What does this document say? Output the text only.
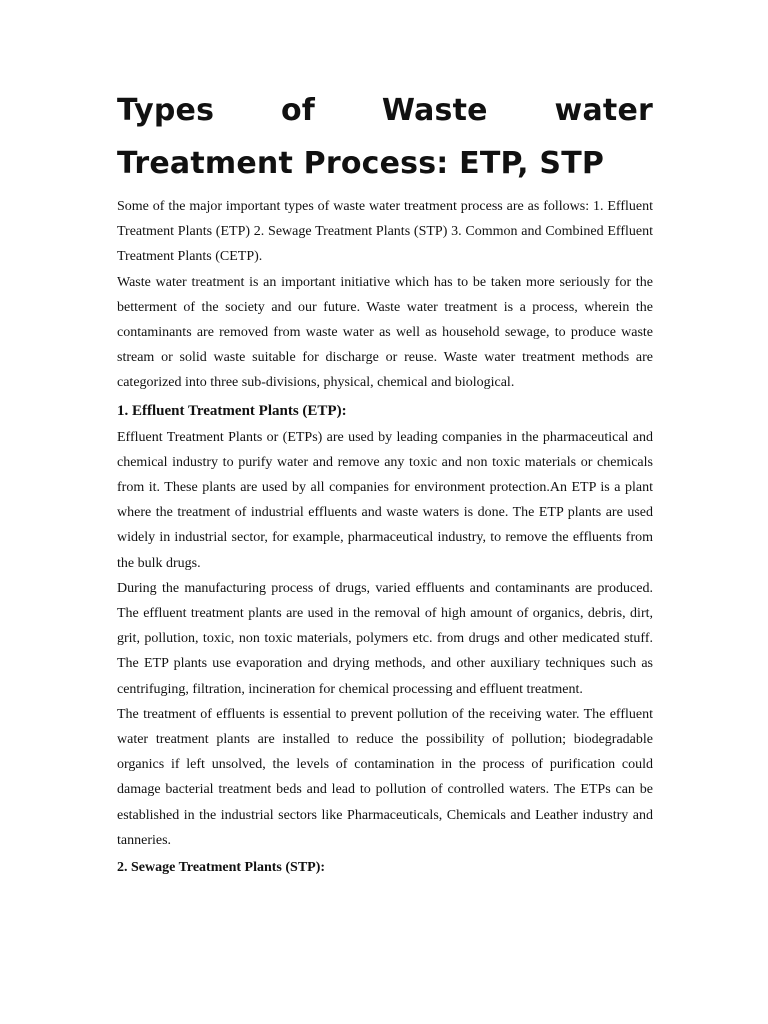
Types of Waste water Treatment Process: ETP, STP

Some of the major important types of waste water treatment process are as follows: 1. Effluent Treatment Plants (ETP) 2. Sewage Treatment Plants (STP) 3. Common and Combined Effluent Treatment Plants (CETP).

Waste water treatment is an important initiative which has to be taken more seriously for the betterment of the society and our future. Waste water treatment is a process, wherein the contaminants are removed from waste water as well as household sewage, to produce waste stream or solid waste suitable for discharge or reuse. Waste water treatment methods are categorized into three sub-divisions, physical, chemical and biological.

1. Effluent Treatment Plants (ETP):

Effluent Treatment Plants or (ETPs) are used by leading companies in the pharmaceutical and chemical industry to purify water and remove any toxic and non toxic materials or chemicals from it. These plants are used by all companies for environment protection.An ETP is a plant where the treatment of industrial effluents and waste waters is done. The ETP plants are used widely in industrial sector, for example, pharmaceutical industry, to remove the effluents from the bulk drugs.

During the manufacturing process of drugs, varied effluents and contaminants are produced. The effluent treatment plants are used in the removal of high amount of organics, debris, dirt, grit, pollution, toxic, non toxic materials, polymers etc. from drugs and other medicated stuff. The ETP plants use evaporation and drying methods, and other auxiliary techniques such as centrifuging, filtration, incineration for chemical processing and effluent treatment.

The treatment of effluents is essential to prevent pollution of the receiving water. The effluent water treatment plants are installed to reduce the possibility of pollution; biodegradable organics if left unsolved, the levels of contamination in the process of purification could damage bacterial treatment beds and lead to pollution of controlled waters. The ETPs can be established in the industrial sectors like Pharmaceuticals, Chemicals and Leather industry and tanneries.

2. Sewage Treatment Plants (STP):
